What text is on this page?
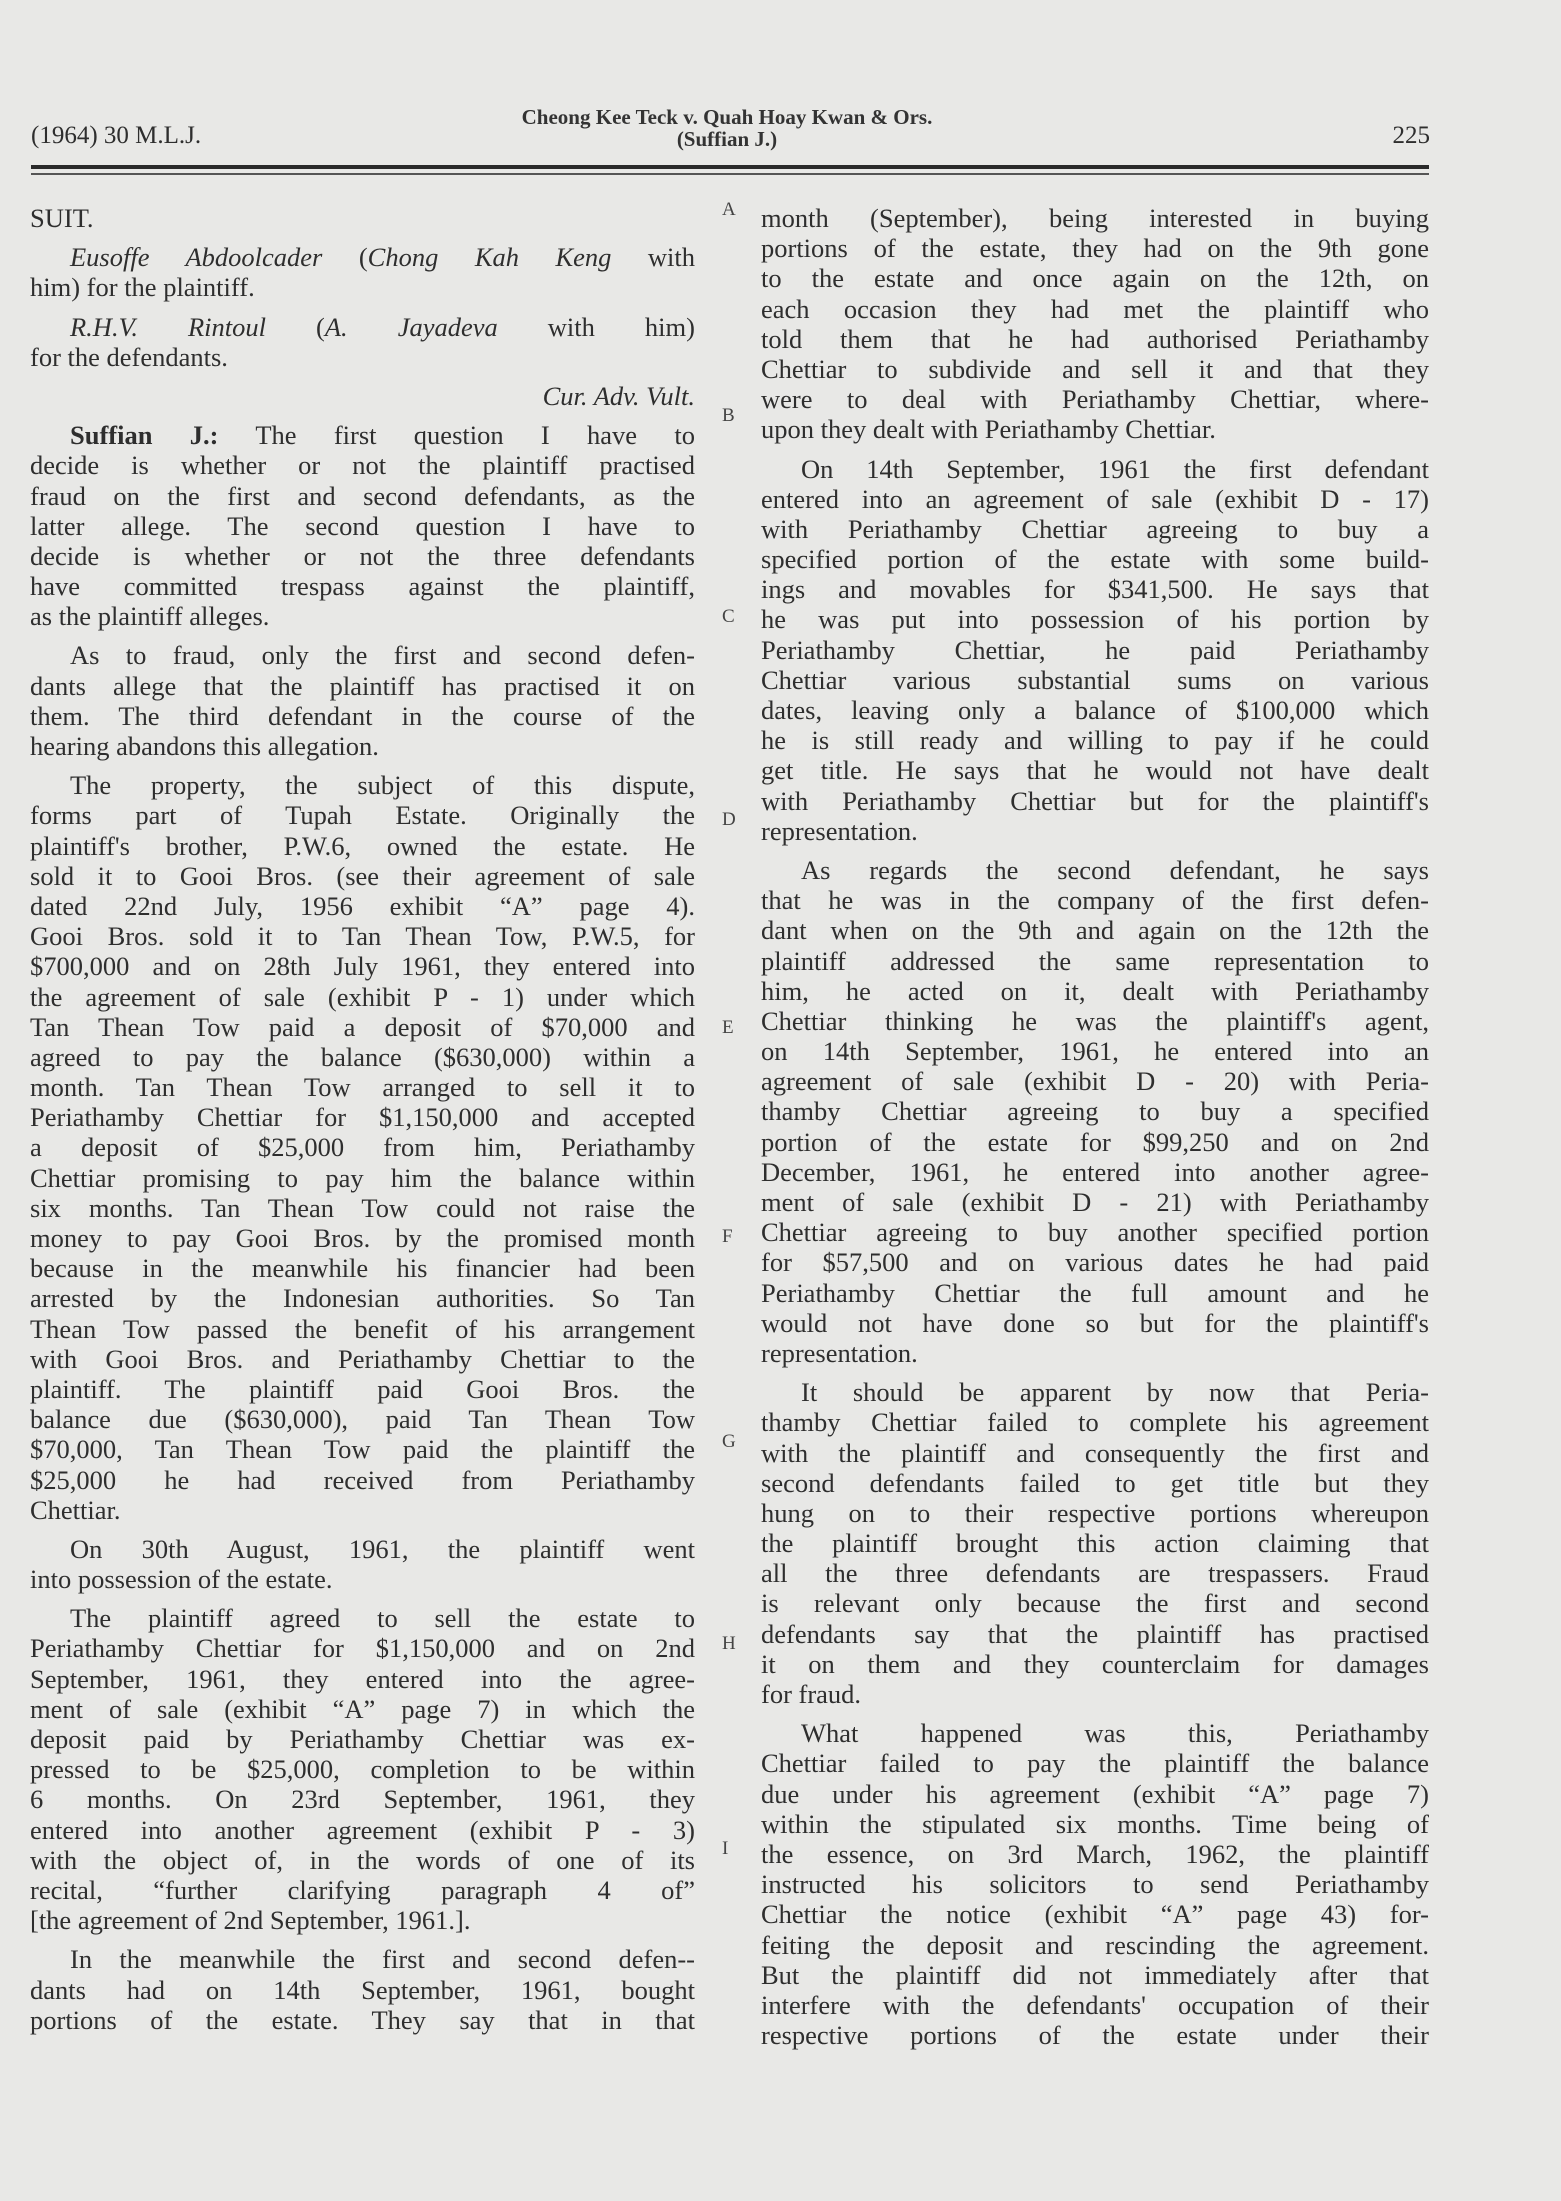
(1964) 30 M.L.J.
Cheong Kee Teck v. Quah Hoay Kwan & Ors.
(Suffian J.)	225
SUIT.
Eusoffe Abdoolcader (Chong Kah Keng with
him) for the plaintiff.
R.H.V. Rintoul (A. Jayadeva with him)
for the defendants.
Cur. Adv. Vult.
Suffian J.: The first question I have to
decide is whether or not the plaintiff practised
fraud on the first and second defendants, as the
latter allege. The second question I have to
decide is whether or not the three defendants
have committed trespass against the plaintiff,
as the plaintiff alleges.
As to fraud, only the first and second defen-
dants allege that the plaintiff has practised it on
them. The third defendant in the course of the
hearing abandons this allegation.
The property, the subject of this dispute,
forms part of Tupah Estate. Originally the
plaintiff's brother, P.W.6, owned the estate. He
sold it to Gooi Bros. (see their agreement of sale
dated 22nd July, 1956 exhibit “A” page 4).
Gooi Bros. sold it to Tan Thean Tow, P.W.5, for
$700,000 and on 28th July 1961, they entered into
the agreement of sale (exhibit P - 1) under which
Tan Thean Tow paid a deposit of $70,000 and
agreed to pay the balance ($630,000) within a
month. Tan Thean Tow arranged to sell it to
Periathamby Chettiar for $1,150,000 and accepted
a deposit of $25,000 from him, Periathamby
Chettiar promising to pay him the balance within
six months. Tan Thean Tow could not raise the
money to pay Gooi Bros. by the promised month
because in the meanwhile his financier had been
arrested by the Indonesian authorities. So Tan
Thean Tow passed the benefit of his arrangement
with Gooi Bros. and Periathamby Chettiar to the
plaintiff. The plaintiff paid Gooi Bros. the
balance due ($630,000), paid Tan Thean Tow
$70,000, Tan Thean Tow paid the plaintiff the
$25,000 he had received from Periathamby
Chettiar.
On 30th August, 1961, the plaintiff went
into possession of the estate.
The plaintiff agreed to sell the estate to
Periathamby Chettiar for $1,150,000 and on 2nd
September, 1961, they entered into the agree-
ment of sale (exhibit “A” page 7) in which the
deposit paid by Periathamby Chettiar was ex-
pressed to be $25,000, completion to be within
6 months. On 23rd September, 1961, they
entered into another agreement (exhibit P - 3)
with the object of, in the words of one of its
recital, “further clarifying paragraph 4 of”
[the agreement of 2nd September, 1961.].
In the meanwhile the first and second defen--
dants had on 14th September, 1961, bought
portions of the estate. They say that in that
month (September), being interested in buying
portions of the estate, they had on the 9th gone
to the estate and once again on the 12th, on
each occasion they had met the plaintiff who
told them that he had authorised Periathamby
Chettiar to subdivide and sell it and that they
were to deal with Periathamby Chettiar, where-
upon they dealt with Periathamby Chettiar.
On 14th September, 1961 the first defendant
entered into an agreement of sale (exhibit D - 17)
with Periathamby Chettiar agreeing to buy a
specified portion of the estate with some build-
ings and movables for $341,500. He says that
he was put into possession of his portion by
Periathamby Chettiar, he paid Periathamby
Chettiar various substantial sums on various
dates, leaving only a balance of $100,000 which
he is still ready and willing to pay if he could
get title. He says that he would not have dealt
with Periathamby Chettiar but for the plaintiff's
representation.
As regards the second defendant, he says
that he was in the company of the first defen-
dant when on the 9th and again on the 12th the
plaintiff addressed the same representation to
him, he acted on it, dealt with Periathamby
Chettiar thinking he was the plaintiff's agent,
on 14th September, 1961, he entered into an
agreement of sale (exhibit D - 20) with Peria-
thamby Chettiar agreeing to buy a specified
portion of the estate for $99,250 and on 2nd
December, 1961, he entered into another agree-
ment of sale (exhibit D - 21) with Periathamby
Chettiar agreeing to buy another specified portion
for $57,500 and on various dates he had paid
Periathamby Chettiar the full amount and he
would not have done so but for the plaintiff's
representation.
It should be apparent by now that Peria-
thamby Chettiar failed to complete his agreement
with the plaintiff and consequently the first and
second defendants failed to get title but they
hung on to their respective portions whereupon
the plaintiff brought this action claiming that
all the three defendants are trespassers. Fraud
is relevant only because the first and second
defendants say that the plaintiff has practised
it on them and they counterclaim for damages
for fraud.
What happened was this, Periathamby
Chettiar failed to pay the plaintiff the balance
due under his agreement (exhibit “A” page 7)
within the stipulated six months. Time being of
the essence, on 3rd March, 1962, the plaintiff
instructed his solicitors to send Periathamby
Chettiar the notice (exhibit “A” page 43) for-
feiting the deposit and rescinding the agreement.
But the plaintiff did not immediately after that
interfere with the defendants' occupation of their
respective portions of the estate under their
A
B
C
D
E
F
G
H
I
